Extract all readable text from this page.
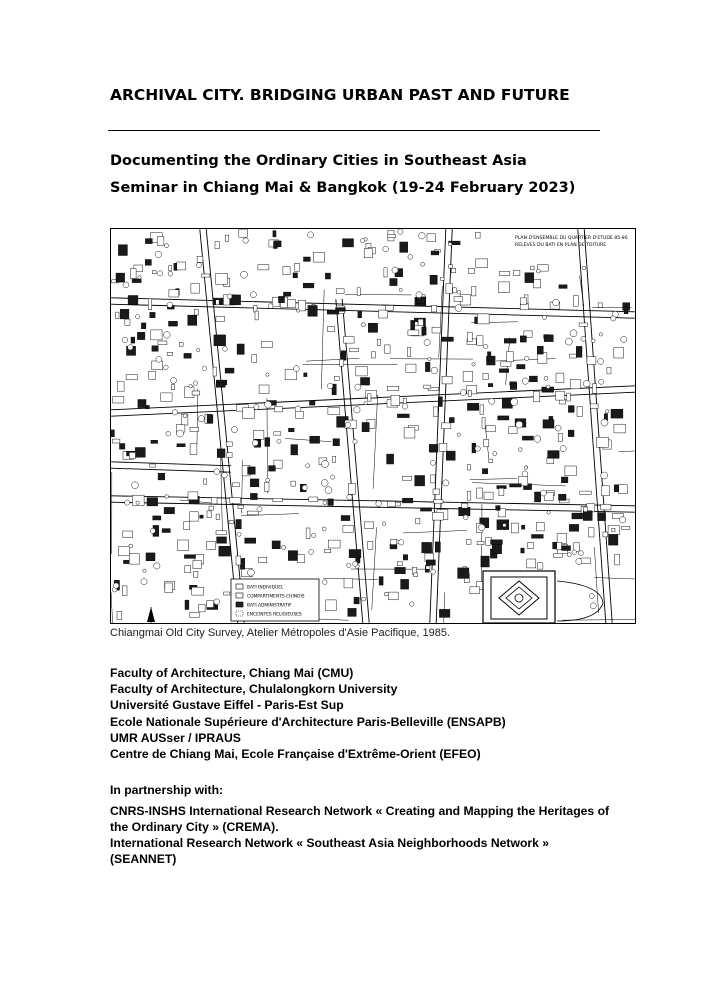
ARCHIVAL CITY. BRIDGING URBAN PAST AND FUTURE
Documenting the Ordinary Cities in Southeast Asia
Seminar in Chiang Mai & Bangkok (19-24 February 2023)
PLAN D'ENSEMBLE DU QUARTIER D'ETUDE 85-86
RELEVES DU BATI EN PLAN DE TOITURE
BATI INDIVIDUEL
COMPARTIMENTS CHINOIS
BATI ADMINISTRATIF
ENCEINTES RELIGIEUSES

Chiangmai Old City Survey, Atelier Métropoles d'Asie Pacifique, 1985.

Faculty of Architecture, Chiang Mai (CMU)
Faculty of Architecture, Chulalongkorn University
Université Gustave Eiffel - Paris-Est Sup
Ecole Nationale Supérieure d'Architecture Paris-Belleville (ENSAPB)
UMR AUSser / IPRAUS
Centre de Chiang Mai, Ecole Française d'Extrême-Orient (EFEO)
In partnership with:
CNRS-INSHS International Research Network « Creating and Mapping the Heritages of the Ordinary City » (CREMA).
International Research Network « Southeast Asia Neighborhoods Network » (SEANNET)
